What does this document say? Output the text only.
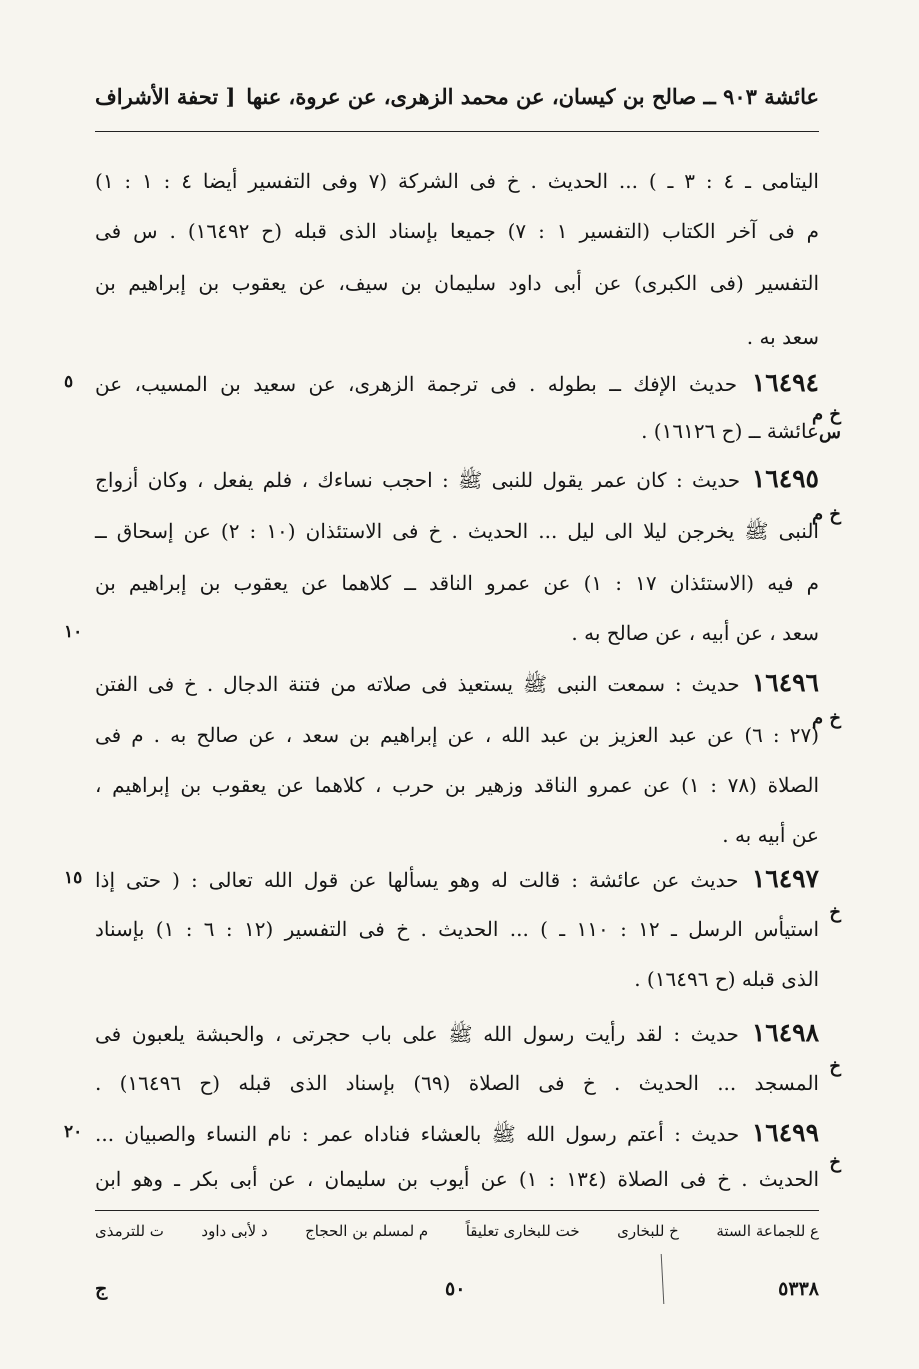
عائشة ٩٠٣ ــ صالح بن كيسان، عن محمد الزهرى، عن عروة، عنها
[ تحفة الأشراف
اليتامى ـ ٤ : ٣ ـ ) ... الحديث . خ فى الشركة (٧ وفى التفسير أيضا ٤ : ١ : ١)
م فى آخر الكتاب (التفسير ١ : ٧) جميعا بإسناد الذى قبله (ح ١٦٤٩٢) . س فى
التفسير (فى الكبرى) عن أبى داود سليمان بن سيف، عن يعقوب بن إبراهيم بن
سعد به .
١٦٤٩٤ حديث الإفك ــ بطوله . فى ترجمة الزهرى، عن سعيد بن المسيب، عن
٥
عائشة ــ (ح ١٦١٢٦) .
خ م س
١٦٤٩٥ حديث : كان عمر يقول للنبى ﷺ : احجب نساءك ، فلم يفعل ، وكان أزواج
النبى ﷺ يخرجن ليلا الى ليل ... الحديث . خ فى الاستئذان (١٠ : ٢) عن إسحاق ــ
خ م
م فيه (الاستئذان ١٧ : ١) عن عمرو الناقد ــ كلاهما عن يعقوب بن إبراهيم بن
سعد ، عن أبيه ، عن صالح به .
١٠
١٦٤٩٦ حديث : سمعت النبى ﷺ يستعيذ فى صلاته من فتنة الدجال . خ فى الفتن
(٢٧ : ٦) عن عبد العزيز بن عبد الله ، عن إبراهيم بن سعد ، عن صالح به . م فى
خ م
الصلاة (٧٨ : ١) عن عمرو الناقد وزهير بن حرب ، كلاهما عن يعقوب بن إبراهيم ،
عن أبيه به .
١٦٤٩٧ حديث عن عائشة : قالت له وهو يسألها عن قول الله تعالى : ( حتى إذا
١٥
استيأس الرسل ـ ١٢ : ١١٠ ـ ) ... الحديث . خ فى التفسير (١٢ : ٦ : ١) بإسناد
خ
الذى قبله (ح ١٦٤٩٦) .
١٦٤٩٨ حديث : لقد رأيت رسول الله ﷺ على باب حجرتى ، والحبشة يلعبون فى
المسجد ... الحديث . خ فى الصلاة (٦٩) بإسناد الذى قبله (ح ١٦٤٩٦) .
خ
١٦٤٩٩ حديث : أعتم رسول الله ﷺ بالعشاء فناداه عمر : نام النساء والصبيان ...
٢٠
الحديث . خ فى الصلاة (١٣٤ : ١) عن أيوب بن سليمان ، عن أبى بكر ـ وهو ابن
خ
ع للجماعة الستة
خ للبخارى
خت للبخارى تعليقاً
م لمسلم بن الحجاج
د لأبى داود
ت للترمذى
٥٣٣٨
٥٠
ج
